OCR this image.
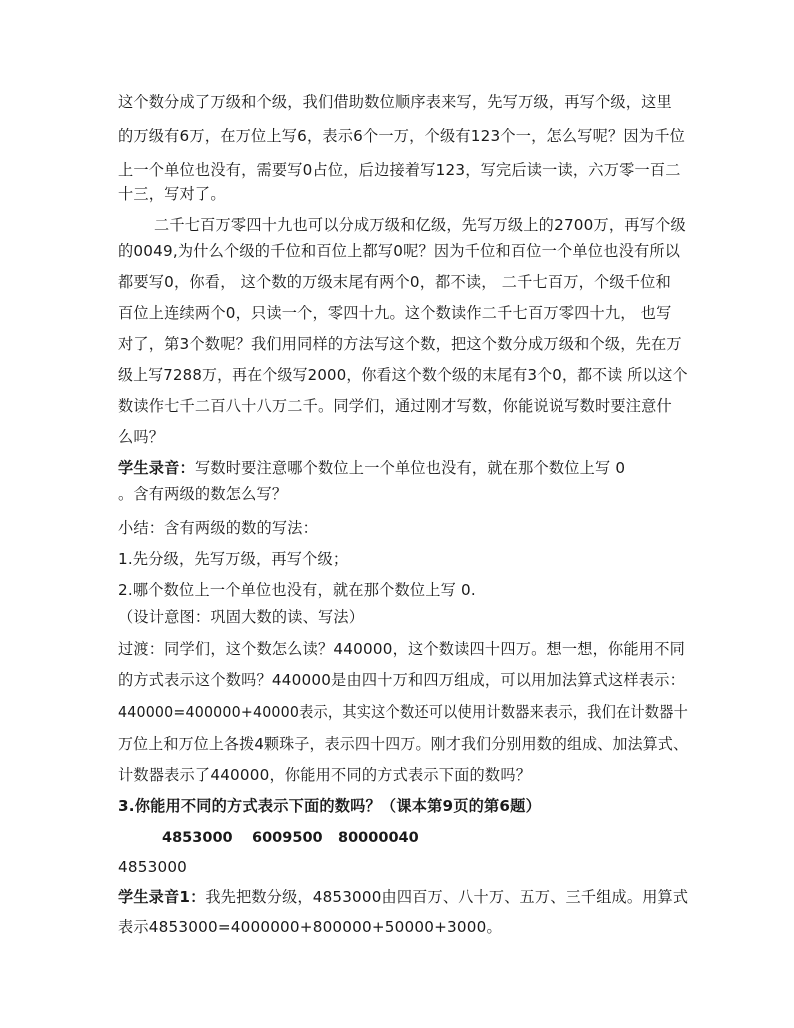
这个数分成了万级和个级，我们借助数位顺序表来写，先写万级，再写个级，这里
的万级有6万，在万位上写6，表示6个一万，个级有123个一，怎么写呢？因为千位
上一个单位也没有，需要写0占位，后边接着写123，写完后读一读，六万零一百二
十三，写对了。
二千七百万零四十九也可以分成万级和亿级，先写万级上的2700万，再写个级
的0049,为什么个级的千位和百位上都写0呢？因为千位和百位一个单位也没有所以
都要写0，你看， 这个数的万级末尾有两个0，都不读， 二千七百万，个级千位和
百位上连续两个0，只读一个，零四十九。这个数读作二千七百万零四十九， 也写
对了，第3个数呢？我们用同样的方法写这个数，把这个数分成万级和个级，先在万
级上写7288万，再在个级写2000，你看这个数个级的末尾有3个0，都不读 所以这个
数读作七千二百八十八万二千。同学们，通过刚才写数，你能说说写数时要注意什
么吗？
学生录音：写数时要注意哪个数位上一个单位也没有，就在那个数位上写 0
。含有两级的数怎么写？
小结：含有两级的数的写法：
1.先分级，先写万级，再写个级；
2.哪个数位上一个单位也没有，就在那个数位上写 0.
（设计意图：巩固大数的读、写法）
过渡：同学们，这个数怎么读？440000，这个数读四十四万。想一想，你能用不同
的方式表示这个数吗？440000是由四十万和四万组成，可以用加法算式这样表示：
440000=400000+40000表示，其实这个数还可以使用计数器来表示，我们在计数器十
万位上和万位上各拨4颗珠子，表示四十四万。刚才我们分别用数的组成、加法算式、
计数器表示了440000，你能用不同的方式表示下面的数吗？
3.你能用不同的方式表示下面的数吗？（课本第9页的第6题）
4853000 6009500 80000040
4853000
学生录音1：我先把数分级，4853000由四百万、八十万、五万、三千组成。用算式
表示4853000=4000000+800000+50000+3000。
